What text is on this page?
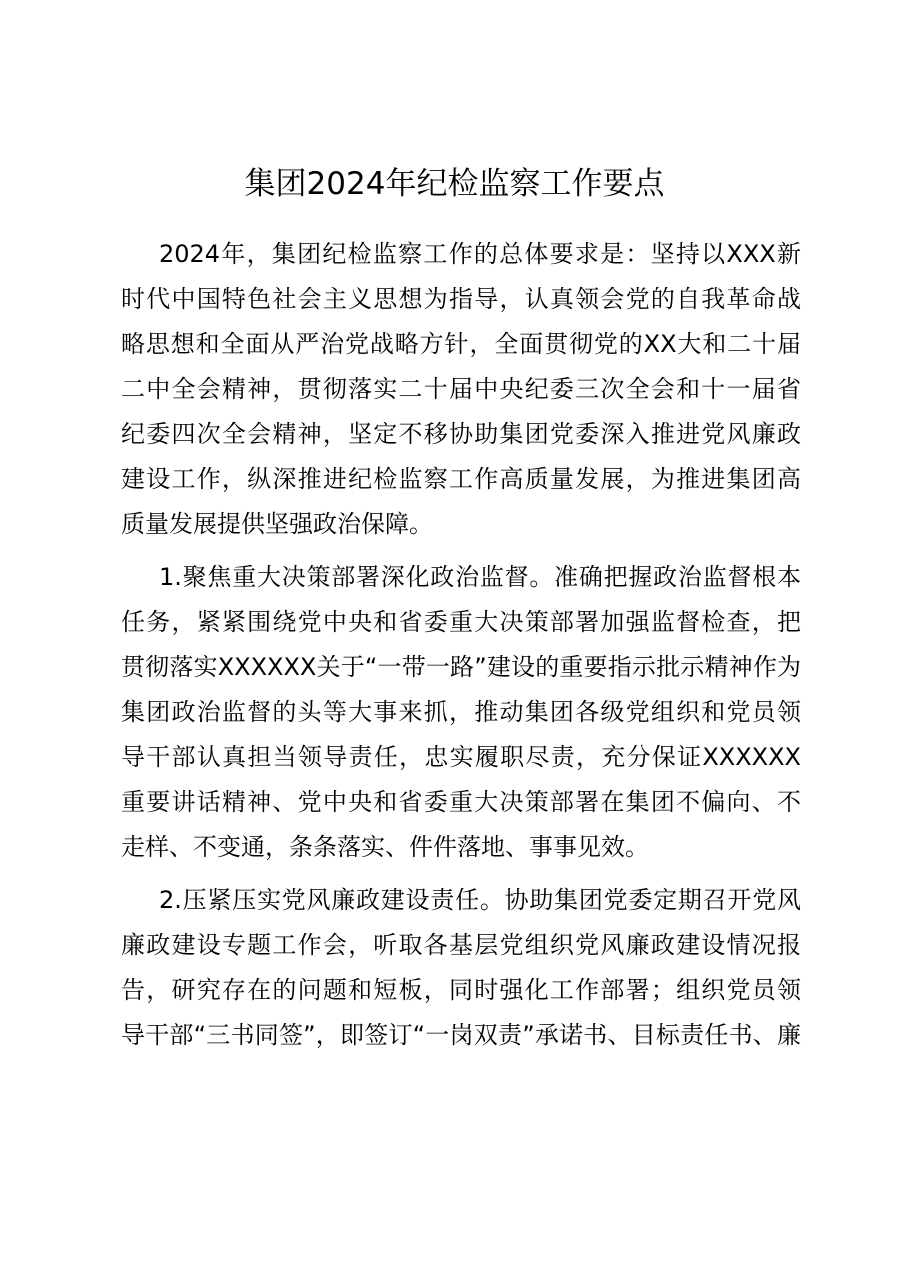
集团2024年纪检监察工作要点

2024年，集团纪检监察工作的总体要求是：坚持以XXX新
时代中国特色社会主义思想为指导，认真领会党的自我革命战
略思想和全面从严治党战略方针，全面贯彻党的XX大和二十届
二中全会精神，贯彻落实二十届中央纪委三次全会和十一届省
纪委四次全会精神，坚定不移协助集团党委深入推进党风廉政
建设工作，纵深推进纪检监察工作高质量发展，为推进集团高
质量发展提供坚强政治保障。

1.聚焦重大决策部署深化政治监督。准确把握政治监督根本
任务，紧紧围绕党中央和省委重大决策部署加强监督检查，把
贯彻落实XXXXXX关于“一带一路”建设的重要指示批示精神作为
集团政治监督的头等大事来抓，推动集团各级党组织和党员领
导干部认真担当领导责任，忠实履职尽责，充分保证XXXXXX
重要讲话精神、党中央和省委重大决策部署在集团不偏向、不
走样、不变通，条条落实、件件落地、事事见效。

2.压紧压实党风廉政建设责任。协助集团党委定期召开党风
廉政建设专题工作会，听取各基层党组织党风廉政建设情况报
告，研究存在的问题和短板，同时强化工作部署；组织党员领
导干部“三书同签”，即签订“一岗双责”承诺书、目标责任书、廉
